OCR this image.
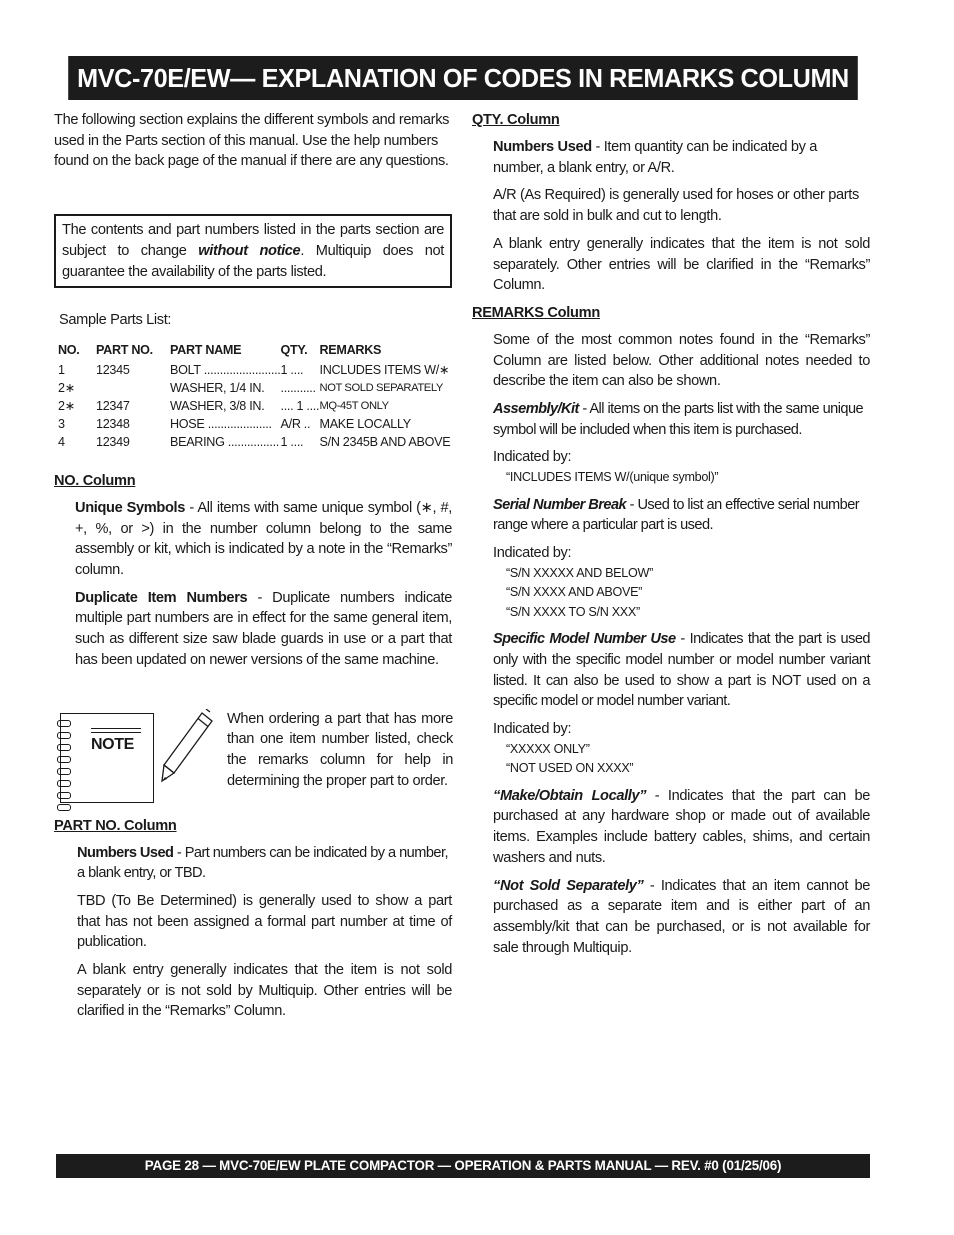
MVC-70E/EW— EXPLANATION OF CODES IN REMARKS COLUMN

The following section explains the different symbols and remarks used in the Parts section of this manual. Use the help numbers found on the back page of the manual if there are any questions.

The contents and part numbers listed in the parts section are subject to change without notice. Multiquip does not guarantee the availability of the parts listed.

Sample Parts List:

NO.	PART NO.	PART NAME	QTY.	REMARKS
1	12345	BOLT ........................	1 ....	INCLUDES ITEMS W/∗
2∗		WASHER, 1/4 IN.	...........	NOT SOLD SEPARATELY
2∗	12347	WASHER, 3/8 IN.	.... 1 ....	MQ-45T ONLY
3	12348	HOSE ....................	A/R ..	MAKE LOCALLY
4	12349	BEARING ................	1 ....	S/N 2345B AND ABOVE

NO. Column

Unique Symbols - All items with same unique symbol (∗, #, +, %, or >) in the number column belong to the same assembly or kit, which is indicated by a note in the “Remarks” column.

Duplicate Item Numbers - Duplicate numbers indicate multiple part numbers are in effect for the same general item, such as different size saw blade guards in use or a part that has been updated on newer versions of the same machine.

NOTE

When ordering a part that has more than one item number listed, check the remarks column for help in determining the proper part to order.

PART NO. Column

Numbers Used - Part numbers can be indicated by a number, a blank entry, or TBD.

TBD (To Be Determined) is generally used to show a part that has not been assigned a formal part number at time of publication.

A blank entry generally indicates that the item is not sold separately or is not sold by Multiquip. Other entries will be clarified in the “Remarks” Column.

QTY. Column

Numbers Used - Item quantity can be indicated by a number, a blank entry, or A/R.

A/R (As Required) is generally used for hoses or other parts that are sold in bulk and cut to length.

A blank entry generally indicates that the item is not sold separately. Other entries will be clarified in the “Remarks” Column.

REMARKS Column

Some of the most common notes found in the “Remarks” Column are listed below. Other additional notes needed to describe the item can also be shown.

Assembly/Kit - All items on the parts list with the same unique symbol will be included when this item is purchased.

Indicated by:

“INCLUDES ITEMS W/(unique symbol)”

Serial Number Break - Used to list an effective serial number range where a particular part is used.

Indicated by:

“S/N XXXXX AND BELOW”

“S/N XXXX AND ABOVE”

“S/N XXXX TO S/N XXX”

Specific Model Number Use - Indicates that the part is used only with the specific model number or model number variant listed. It can also be used to show a part is NOT used on a specific model or model number variant.

Indicated by:

“XXXXX ONLY”

“NOT USED ON XXXX”

“Make/Obtain Locally” - Indicates that the part can be purchased at any hardware shop or made out of available items. Examples include battery cables, shims, and certain washers and nuts.

“Not Sold Separately” - Indicates that an item cannot be purchased as a separate item and is either part of an assembly/kit that can be purchased, or is not available for sale through Multiquip.

PAGE 28 — MVC-70E/EW PLATE COMPACTOR — OPERATION & PARTS MANUAL — REV. #0 (01/25/06)
